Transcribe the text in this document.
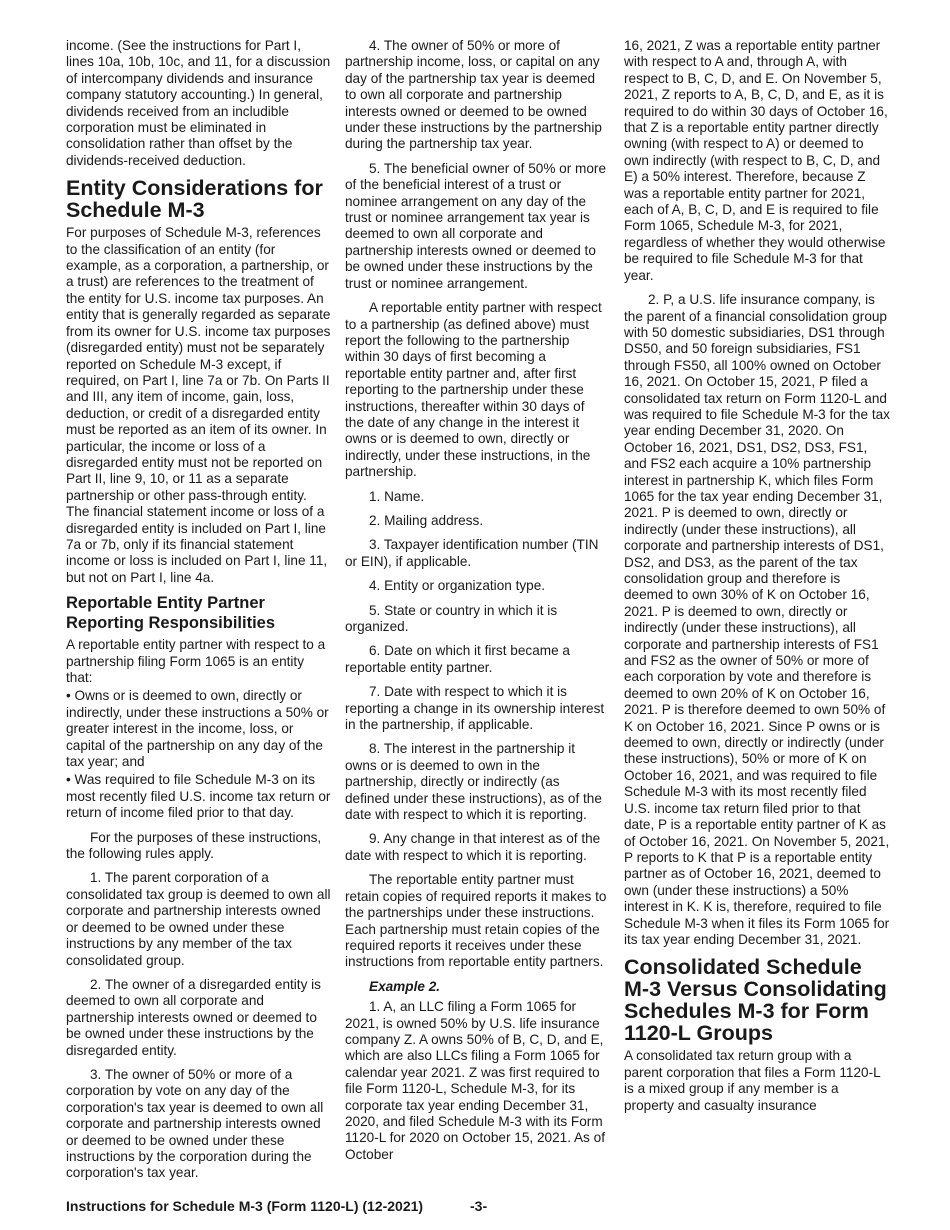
income. (See the instructions for Part I, lines 10a, 10b, 10c, and 11, for a discussion of intercompany dividends and insurance company statutory accounting.) In general, dividends received from an includible corporation must be eliminated in consolidation rather than offset by the dividends-received deduction.

Entity Considerations for Schedule M-3

For purposes of Schedule M-3, references to the classification of an entity (for example, as a corporation, a partnership, or a trust) are references to the treatment of the entity for U.S. income tax purposes. An entity that is generally regarded as separate from its owner for U.S. income tax purposes (disregarded entity) must not be separately reported on Schedule M-3 except, if required, on Part I, line 7a or 7b. On Parts II and III, any item of income, gain, loss, deduction, or credit of a disregarded entity must be reported as an item of its owner. In particular, the income or loss of a disregarded entity must not be reported on Part II, line 9, 10, or 11 as a separate partnership or other pass-through entity. The financial statement income or loss of a disregarded entity is included on Part I, line 7a or 7b, only if its financial statement income or loss is included on Part I, line 11, but not on Part I, line 4a.

Reportable Entity Partner Reporting Responsibilities

A reportable entity partner with respect to a partnership filing Form 1065 is an entity that:

• Owns or is deemed to own, directly or indirectly, under these instructions a 50% or greater interest in the income, loss, or capital of the partnership on any day of the tax year; and
• Was required to file Schedule M-3 on its most recently filed U.S. income tax return or return of income filed prior to that day.

For the purposes of these instructions, the following rules apply.

1. The parent corporation of a consolidated tax group is deemed to own all corporate and partnership interests owned or deemed to be owned under these instructions by any member of the tax consolidated group.

2. The owner of a disregarded entity is deemed to own all corporate and partnership interests owned or deemed to be owned under these instructions by the disregarded entity.

3. The owner of 50% or more of a corporation by vote on any day of the corporation's tax year is deemed to own all corporate and partnership interests owned or deemed to be owned under these instructions by the corporation during the corporation's tax year.

4. The owner of 50% or more of partnership income, loss, or capital on any day of the partnership tax year is deemed to own all corporate and partnership interests owned or deemed to be owned under these instructions by the partnership during the partnership tax year.

5. The beneficial owner of 50% or more of the beneficial interest of a trust or nominee arrangement on any day of the trust or nominee arrangement tax year is deemed to own all corporate and partnership interests owned or deemed to be owned under these instructions by the trust or nominee arrangement.

A reportable entity partner with respect to a partnership (as defined above) must report the following to the partnership within 30 days of first becoming a reportable entity partner and, after first reporting to the partnership under these instructions, thereafter within 30 days of the date of any change in the interest it owns or is deemed to own, directly or indirectly, under these instructions, in the partnership.

1. Name.

2. Mailing address.

3. Taxpayer identification number (TIN or EIN), if applicable.

4. Entity or organization type.

5. State or country in which it is organized.

6. Date on which it first became a reportable entity partner.

7. Date with respect to which it is reporting a change in its ownership interest in the partnership, if applicable.

8. The interest in the partnership it owns or is deemed to own in the partnership, directly or indirectly (as defined under these instructions), as of the date with respect to which it is reporting.

9. Any change in that interest as of the date with respect to which it is reporting.

The reportable entity partner must retain copies of required reports it makes to the partnerships under these instructions. Each partnership must retain copies of the required reports it receives under these instructions from reportable entity partners.

Example 2.

1. A, an LLC filing a Form 1065 for 2021, is owned 50% by U.S. life insurance company Z. A owns 50% of B, C, D, and E, which are also LLCs filing a Form 1065 for calendar year 2021. Z was first required to file Form 1120-L, Schedule M-3, for its corporate tax year ending December 31, 2020, and filed Schedule M-3 with its Form 1120-L for 2020 on October 15, 2021. As of October

16, 2021, Z was a reportable entity partner with respect to A and, through A, with respect to B, C, D, and E. On November 5, 2021, Z reports to A, B, C, D, and E, as it is required to do within 30 days of October 16, that Z is a reportable entity partner directly owning (with respect to A) or deemed to own indirectly (with respect to B, C, D, and E) a 50% interest. Therefore, because Z was a reportable entity partner for 2021, each of A, B, C, D, and E is required to file Form 1065, Schedule M-3, for 2021, regardless of whether they would otherwise be required to file Schedule M-3 for that year.

2. P, a U.S. life insurance company, is the parent of a financial consolidation group with 50 domestic subsidiaries, DS1 through DS50, and 50 foreign subsidiaries, FS1 through FS50, all 100% owned on October 16, 2021. On October 15, 2021, P filed a consolidated tax return on Form 1120-L and was required to file Schedule M-3 for the tax year ending December 31, 2020. On October 16, 2021, DS1, DS2, DS3, FS1, and FS2 each acquire a 10% partnership interest in partnership K, which files Form 1065 for the tax year ending December 31, 2021. P is deemed to own, directly or indirectly (under these instructions), all corporate and partnership interests of DS1, DS2, and DS3, as the parent of the tax consolidation group and therefore is deemed to own 30% of K on October 16, 2021. P is deemed to own, directly or indirectly (under these instructions), all corporate and partnership interests of FS1 and FS2 as the owner of 50% or more of each corporation by vote and therefore is deemed to own 20% of K on October 16, 2021. P is therefore deemed to own 50% of K on October 16, 2021. Since P owns or is deemed to own, directly or indirectly (under these instructions), 50% or more of K on October 16, 2021, and was required to file Schedule M-3 with its most recently filed U.S. income tax return filed prior to that date, P is a reportable entity partner of K as of October 16, 2021. On November 5, 2021, P reports to K that P is a reportable entity partner as of October 16, 2021, deemed to own (under these instructions) a 50% interest in K. K is, therefore, required to file Schedule M-3 when it files its Form 1065 for its tax year ending December 31, 2021.

Consolidated Schedule M-3 Versus Consolidating Schedules M-3 for Form 1120-L Groups

A consolidated tax return group with a parent corporation that files a Form 1120-L is a mixed group if any member is a property and casualty insurance

Instructions for Schedule M-3 (Form 1120-L) (12-2021)	-3-
